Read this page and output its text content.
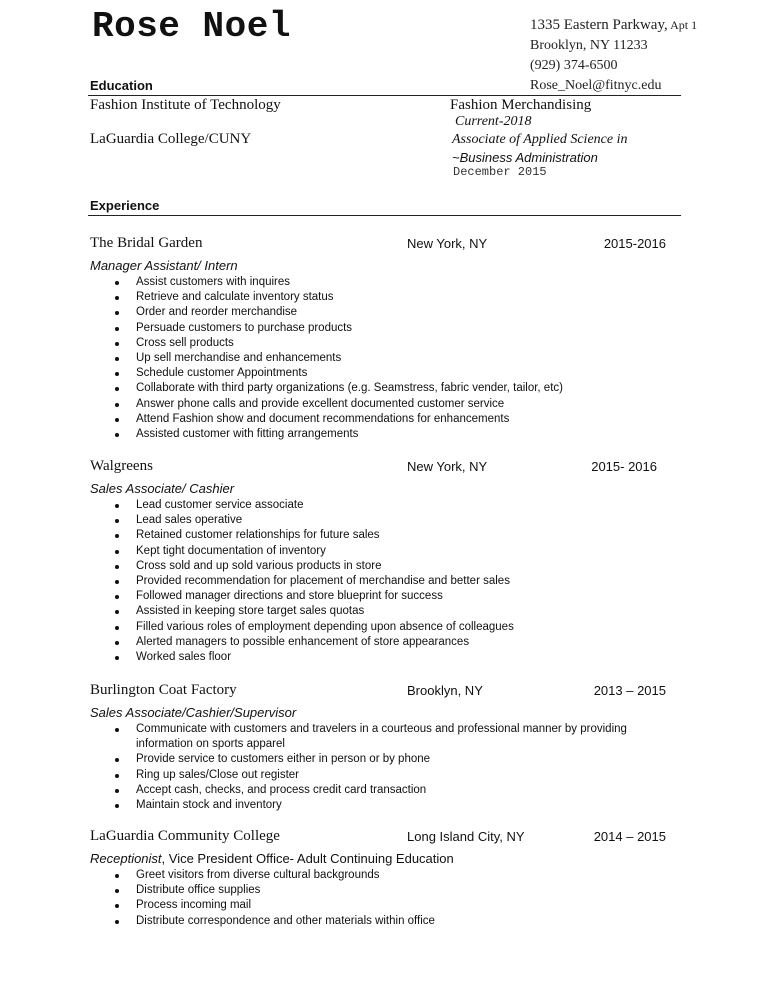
Rose Noel	1335 Eastern Parkway, Apt 1
Brooklyn, NY 11233
(929) 374-6500
Rose_Noel@fitnyc.edu
Education
Fashion Institute of Technology	Fashion Merchandising
Current-2018
LaGuardia College/CUNY	Associate of Applied Science in
~Business Administration
December 2015
Experience
The Bridal Garden	New York, NY	2015-2016
Manager Assistant/ Intern
Assist customers with inquires
Retrieve and calculate inventory status
Order and reorder merchandise
Persuade customers to purchase products
Cross sell products
Up sell merchandise and enhancements
Schedule customer Appointments
Collaborate with third party organizations (e.g. Seamstress, fabric vender, tailor, etc)
Answer phone calls and provide excellent documented customer service
Attend Fashion show and document recommendations for enhancements
Assisted customer with fitting arrangements
Walgreens	New York, NY	2015- 2016
Sales Associate/ Cashier
Lead customer service associate
Lead sales operative
Retained customer relationships for future sales
Kept tight documentation of inventory
Cross sold and up sold various products in store
Provided recommendation for placement of merchandise and better sales
Followed manager directions and store blueprint for success
Assisted in keeping store target sales quotas
Filled various roles of employment depending upon absence of colleagues
Alerted managers to possible enhancement of store appearances
Worked sales floor
Burlington Coat Factory	Brooklyn, NY	2013 – 2015
Sales Associate/Cashier/Supervisor
Communicate with customers and travelers in a courteous and professional manner by providing information on sports apparel
Provide service to customers either in person or by phone
Ring up sales/Close out register
Accept cash, checks, and process credit card transaction
Maintain stock and inventory
LaGuardia Community College	Long Island City, NY	2014 – 2015
Receptionist, Vice President Office- Adult Continuing Education
Greet visitors from diverse cultural backgrounds
Distribute office supplies
Process incoming mail
Distribute correspondence and other materials within office
